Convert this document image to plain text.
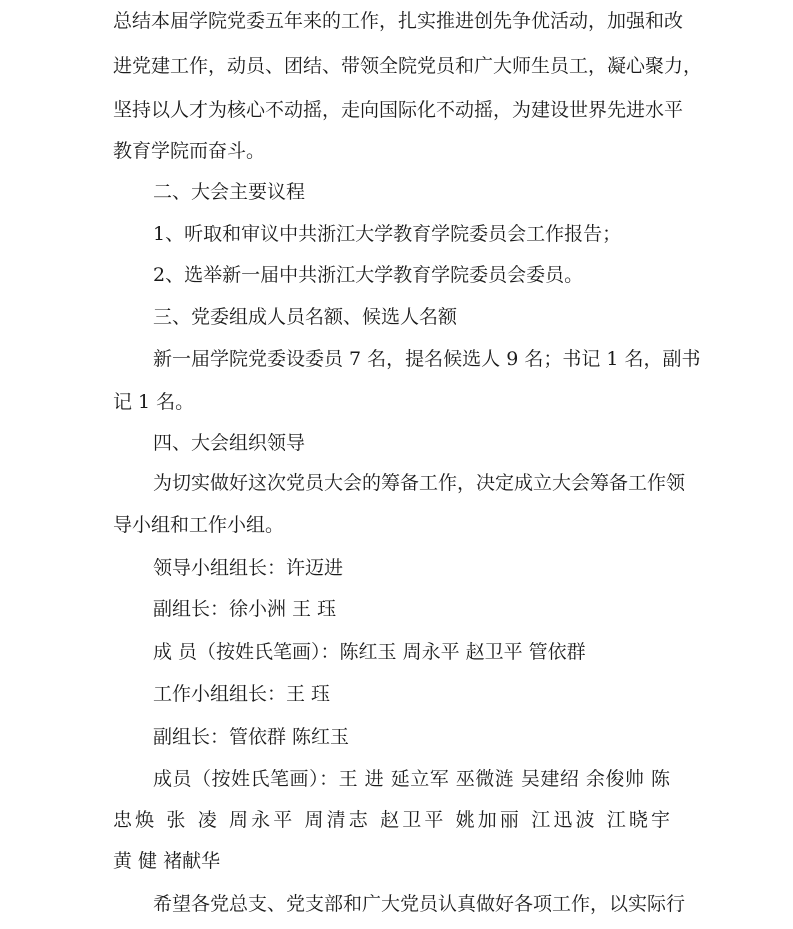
总结本届学院党委五年来的工作，扎实推进创先争优活动，加强和改
进党建工作，动员、团结、带领全院党员和广大师生员工，凝心聚力，
坚持以人才为核心不动摇，走向国际化不动摇，为建设世界先进水平
教育学院而奋斗。
二、大会主要议程
1、听取和审议中共浙江大学教育学院委员会工作报告；
2、选举新一届中共浙江大学教育学院委员会委员。
三、党委组成人员名额、候选人名额
新一届学院党委设委员 7 名，提名候选人 9 名；书记 1 名，副书
记 1 名。
四、大会组织领导
为切实做好这次党员大会的筹备工作，决定成立大会筹备工作领
导小组和工作小组。
领导小组组长：许迈进
副组长：徐小洲 王 珏
成 员（按姓氏笔画）：陈红玉 周永平 赵卫平 管依群
工作小组组长：王 珏
副组长：管依群 陈红玉
成员（按姓氏笔画）：王 进 延立军 巫微涟 吴建绍 余俊帅 陈
忠焕 张 凌 周永平 周清志 赵卫平 姚加丽 江迅波 江晓宇
黄 健 褚献华
希望各党总支、党支部和广大党员认真做好各项工作，以实际行
